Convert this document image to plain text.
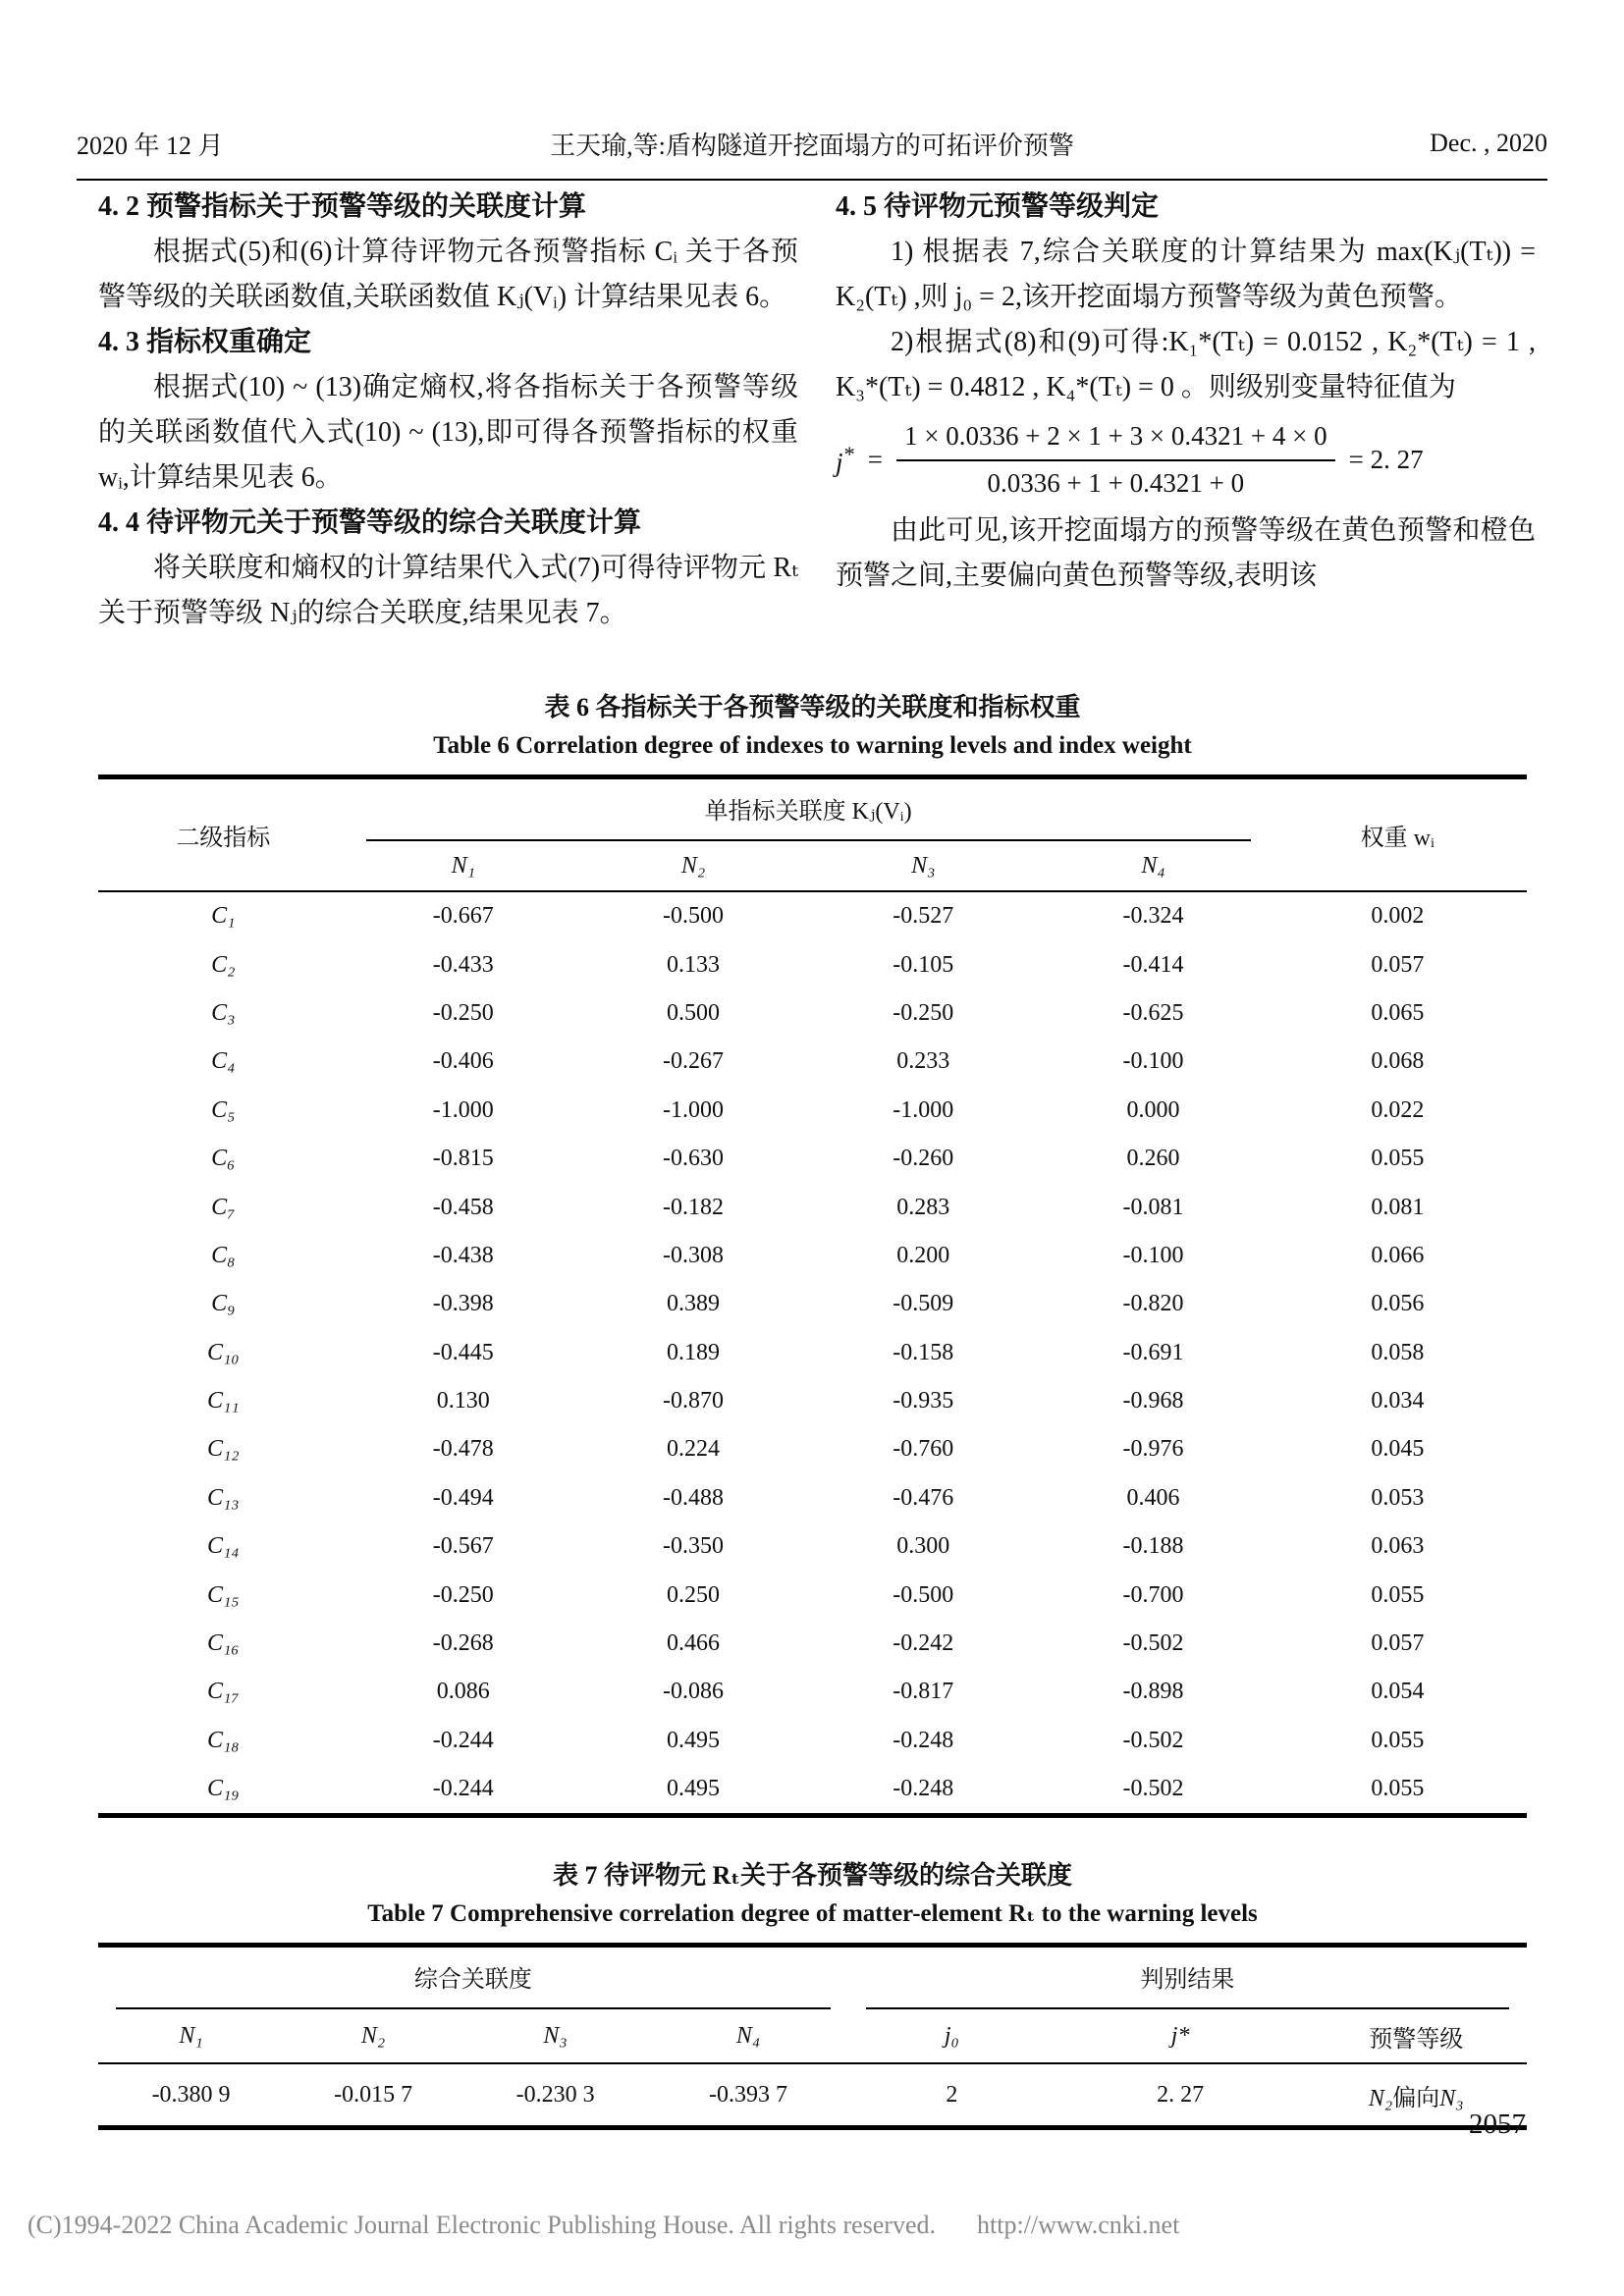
2020 年 12 月	王天瑜,等:盾构隧道开挖面塌方的可拓评价预警	Dec. , 2020
4. 2 预警指标关于预警等级的关联度计算

根据式(5)和(6)计算待评物元各预警指标 Cᵢ 关于各预警等级的关联函数值,关联函数值 Kⱼ(Vᵢ) 计算结果见表 6。

4. 3 指标权重确定

根据式(10) ~ (13)确定熵权,将各指标关于各预警等级的关联函数值代入式(10) ~ (13),即可得各预警指标的权重 wᵢ,计算结果见表 6。

4. 4 待评物元关于预警等级的综合关联度计算

将关联度和熵权的计算结果代入式(7)可得待评物元 Rₜ关于预警等级 Nⱼ的综合关联度,结果见表 7。

4. 5 待评物元预警等级判定

1) 根据表 7,综合关联度的计算结果为 max(Kⱼ(Tₜ)) = K₂(Tₜ) ,则 j₀ = 2,该开挖面塌方预警等级为黄色预警。

2)根据式(8)和(9)可得:K₁*(Tₜ) = 0.0152 , K₂*(Tₜ) = 1 , K₃*(Tₜ) = 0.4812 , K₄*(Tₜ) = 0 。则级别变量特征值为

$j^* = \frac{1 \times 0.0336 + 2 \times 1 + 3 \times 0.4321 + 4 \times 0}{0.0336 + 1 + 0.4321 + 0} = 2$. 27

由此可见,该开挖面塌方的预警等级在黄色预警和橙色预警之间,主要偏向黄色预警等级,表明该

表 6 各指标关于各预警等级的关联度和指标权重
Table 6 Correlation degree of indexes to warning levels and index weight
二级指标	单指标关联度 Kⱼ(Vᵢ)				权重 wᵢ
	N₁	N₂	N₃	N₄	
C₁	-0.667	-0.500	-0.527	-0.324	0.002
C₂	-0.433	0.133	-0.105	-0.414	0.057
C₃	-0.250	0.500	-0.250	-0.625	0.065
C₄	-0.406	-0.267	0.233	-0.100	0.068
C₅	-1.000	-1.000	-1.000	0.000	0.022
C₆	-0.815	-0.630	-0.260	0.260	0.055
C₇	-0.458	-0.182	0.283	-0.081	0.081
C₈	-0.438	-0.308	0.200	-0.100	0.066
C₉	-0.398	0.389	-0.509	-0.820	0.056
C₁₀	-0.445	0.189	-0.158	-0.691	0.058
C₁₁	0.130	-0.870	-0.935	-0.968	0.034
C₁₂	-0.478	0.224	-0.760	-0.976	0.045
C₁₃	-0.494	-0.488	-0.476	0.406	0.053
C₁₄	-0.567	-0.350	0.300	-0.188	0.063
C₁₅	-0.250	0.250	-0.500	-0.700	0.055
C₁₆	-0.268	0.466	-0.242	-0.502	0.057
C₁₇	0.086	-0.086	-0.817	-0.898	0.054
C₁₈	-0.244	0.495	-0.248	-0.502	0.055
C₁₉	-0.244	0.495	-0.248	-0.502	0.055
表 7 待评物元 Rₜ关于各预警等级的综合关联度
Table 7 Comprehensive correlation degree of matter-element Rₜ to the warning levels
综合关联度				判别结果		

N₁	N₂	N₃	N₄	j₀	j*	预警等级
-0.380 9	-0.015 7	-0.230 3	-0.393 7	2	2. 27	N₂偏向N₃
2057
(C)1994-2022 China Academic Journal Electronic Publishing House. All rights reserved. http://www.cnki.net
